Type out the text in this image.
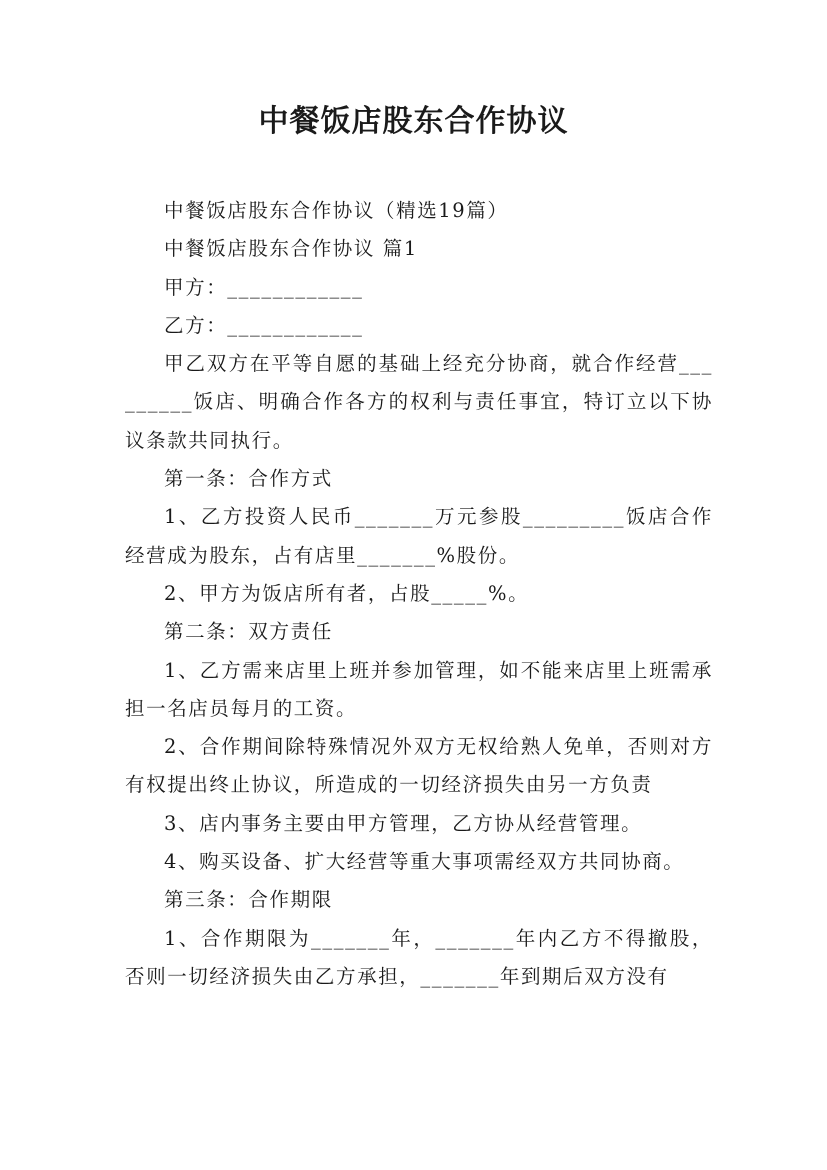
中餐饭店股东合作协议

中餐饭店股东合作协议（精选19篇）

中餐饭店股东合作协议 篇1

甲方：____________

乙方：____________

甲乙双方在平等自愿的基础上经充分协商，就合作经营_________饭店、明确合作各方的权利与责任事宜，特订立以下协议条款共同执行。

第一条：合作方式

1、乙方投资人民币_______万元参股_________饭店合作经营成为股东，占有店里_______%股份。

2、甲方为饭店所有者，占股_____%。

第二条：双方责任

1、乙方需来店里上班并参加管理，如不能来店里上班需承担一名店员每月的工资。

2、合作期间除特殊情况外双方无权给熟人免单，否则对方有权提出终止协议，所造成的一切经济损失由另一方负责

3、店内事务主要由甲方管理，乙方协从经营管理。

4、购买设备、扩大经营等重大事项需经双方共同协商。

第三条：合作期限

1、合作期限为_______年，_______年内乙方不得撤股，否则一切经济损失由乙方承担，_______年到期后双方没有
